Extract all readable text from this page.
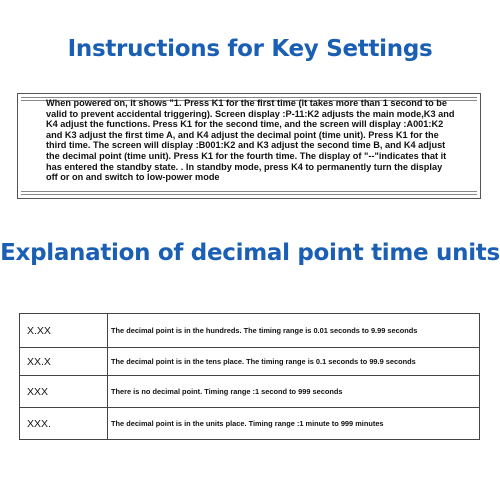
Instructions for Key Settings
When powered on, it shows "1. Press K1 for the first time (it takes more than 1 second to be valid to prevent accidental triggering). Screen display :P-11:K2 adjusts the main mode,K3 and K4 adjust the functions. Press K1 for the second time, and the screen will display :A001:K2 and K3 adjust the first time A, and K4 adjust the decimal point (time unit). Press K1 for the third time. The screen will display :B001:K2 and K3 adjust the second time B, and K4 adjust the decimal point (time unit). Press K1 for the fourth time. The display of "--"indicates that it has entered the standby state. . In standby mode, press K4 to permanently turn the display off or on and switch to low-power mode
Explanation of decimal point time units
X.XX	The decimal point is in the hundreds. The timing range is 0.01 seconds to 9.99 seconds
XX.X	The decimal point is in the tens place. The timing range is 0.1 seconds to 99.9 seconds
XXX	There is no decimal point. Timing range :1 second to 999 seconds
XXX.	The decimal point is in the units place. Timing range :1 minute to 999 minutes
